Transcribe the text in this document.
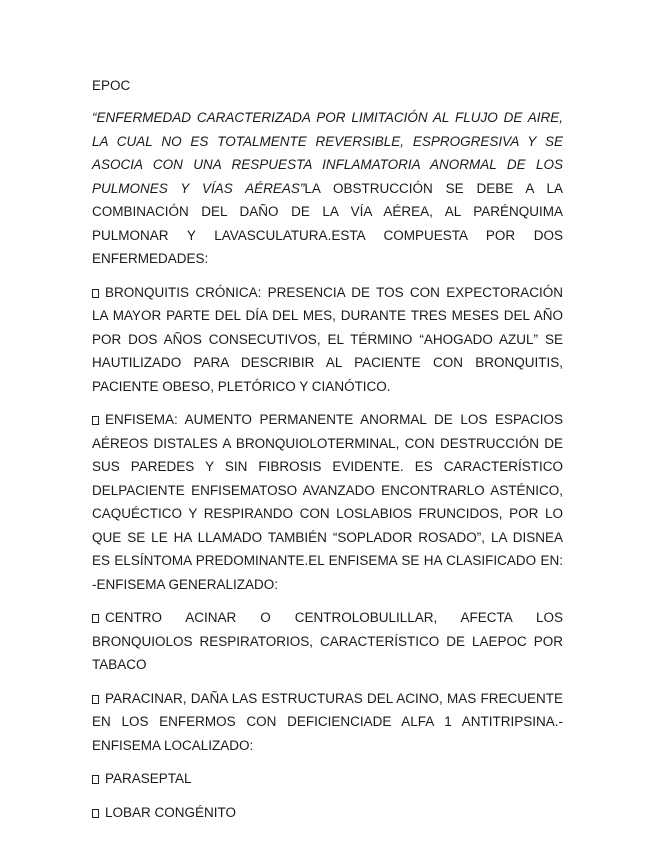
EPOC

“ENFERMEDAD CARACTERIZADA POR LIMITACIÓN AL FLUJO DE AIRE, LA CUAL NO ES TOTALMENTE REVERSIBLE, ESPROGRESIVA Y SE ASOCIA CON UNA RESPUESTA INFLAMATORIA ANORMAL DE LOS PULMONES Y VÍAS AÉREAS”LA OBSTRUCCIÓN SE DEBE A LA COMBINACIÓN DEL DAÑO DE LA VÍA AÉREA, AL PARÉNQUIMA PULMONAR Y LAVASCULATURA.ESTA COMPUESTA POR DOS ENFERMEDADES:

BRONQUITIS CRÓNICA: PRESENCIA DE TOS CON EXPECTORACIÓN LA MAYOR PARTE DEL DÍA DEL MES, DURANTE TRES MESES DEL AÑO POR DOS AÑOS CONSECUTIVOS, EL TÉRMINO “AHOGADO AZUL” SE HAUTILIZADO PARA DESCRIBIR AL PACIENTE CON BRONQUITIS, PACIENTE OBESO, PLETÓRICO Y CIANÓTICO.

ENFISEMA: AUMENTO PERMANENTE ANORMAL DE LOS ESPACIOS AÉREOS DISTALES A BRONQUIOLOTERMINAL, CON DESTRUCCIÓN DE SUS PAREDES Y SIN FIBROSIS EVIDENTE. ES CARACTERÍSTICO DELPACIENTE ENFISEMATOSO AVANZADO ENCONTRARLO ASTÉNICO, CAQUÉCTICO Y RESPIRANDO CON LOSLABIOS FRUNCIDOS, POR LO QUE SE LE HA LLAMADO TAMBIÉN “SOPLADOR ROSADO”, LA DISNEA ES ELSÍNTOMA PREDOMINANTE.EL ENFISEMA SE HA CLASIFICADO EN: -ENFISEMA GENERALIZADO:

CENTRO ACINAR O CENTROLOBULILLAR, AFECTA LOS BRONQUIOLOS RESPIRATORIOS, CARACTERÍSTICO DE LAEPOC POR TABACO

PARACINAR, DAÑA LAS ESTRUCTURAS DEL ACINO, MAS FRECUENTE EN LOS ENFERMOS CON DEFICIENCIADE ALFA 1 ANTITRIPSINA.-ENFISEMA LOCALIZADO:

PARASEPTAL

LOBAR CONGÉNITO
